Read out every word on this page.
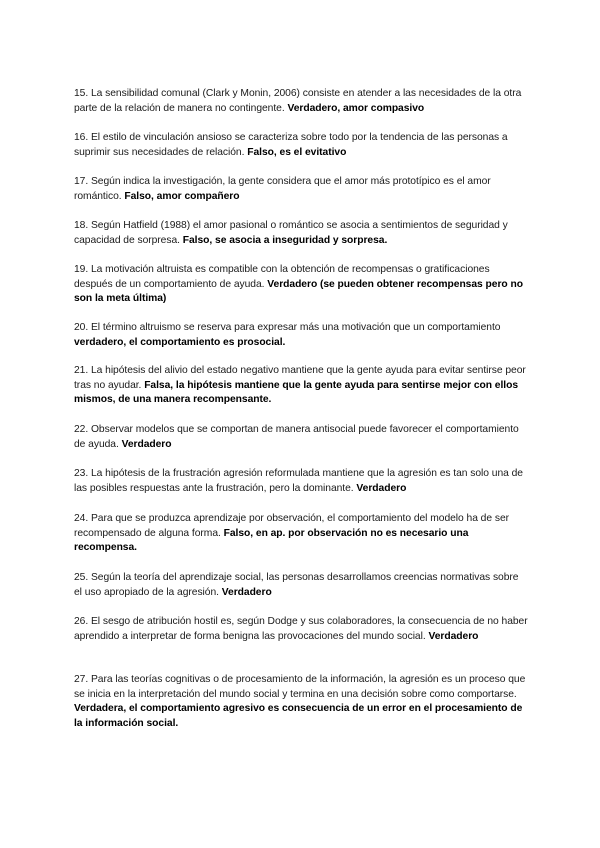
15. La sensibilidad comunal (Clark y Monin, 2006) consiste en atender a las necesidades de la otra parte de la relación de manera no contingente. Verdadero, amor compasivo

16. El estilo de vinculación ansioso se caracteriza sobre todo por la tendencia de las personas a suprimir sus necesidades de relación. Falso, es el evitativo

17. Según indica la investigación, la gente considera que el amor más prototípico es el amor romántico. Falso, amor compañero

18. Según Hatfield (1988) el amor pasional o romántico se asocia a sentimientos de seguridad y capacidad de sorpresa. Falso, se asocia a inseguridad y sorpresa.

19. La motivación altruista es compatible con la obtención de recompensas o gratificaciones después de un comportamiento de ayuda. Verdadero (se pueden obtener recompensas pero no son la meta última)

20. El término altruismo se reserva para expresar más una motivación que un comportamiento verdadero, el comportamiento es prosocial.

21. La hipótesis del alivio del estado negativo mantiene que la gente ayuda para evitar sentirse peor tras no ayudar. Falsa, la hipótesis mantiene que la gente ayuda para sentirse mejor con ellos mismos, de una manera recompensante.

22. Observar modelos que se comportan de manera antisocial puede favorecer el comportamiento de ayuda. Verdadero

23. La hipótesis de la frustración agresión reformulada mantiene que la agresión es tan solo una de las posibles respuestas ante la frustración, pero la dominante. Verdadero

24. Para que se produzca aprendizaje por observación, el comportamiento del modelo ha de ser recompensado de alguna forma. Falso, en ap. por observación no es necesario una recompensa.

25. Según la teoría del aprendizaje social, las personas desarrollamos creencias normativas sobre el uso apropiado de la agresión. Verdadero

26. El sesgo de atribución hostil es, según Dodge y sus colaboradores, la consecuencia de no haber aprendido a interpretar de forma benigna las provocaciones del mundo social. Verdadero

27. Para las teorías cognitivas o de procesamiento de la información, la agresión es un proceso que se inicia en la interpretación del mundo social y termina en una decisión sobre como comportarse. Verdadera, el comportamiento agresivo es consecuencia de un error en el procesamiento de la información social.
